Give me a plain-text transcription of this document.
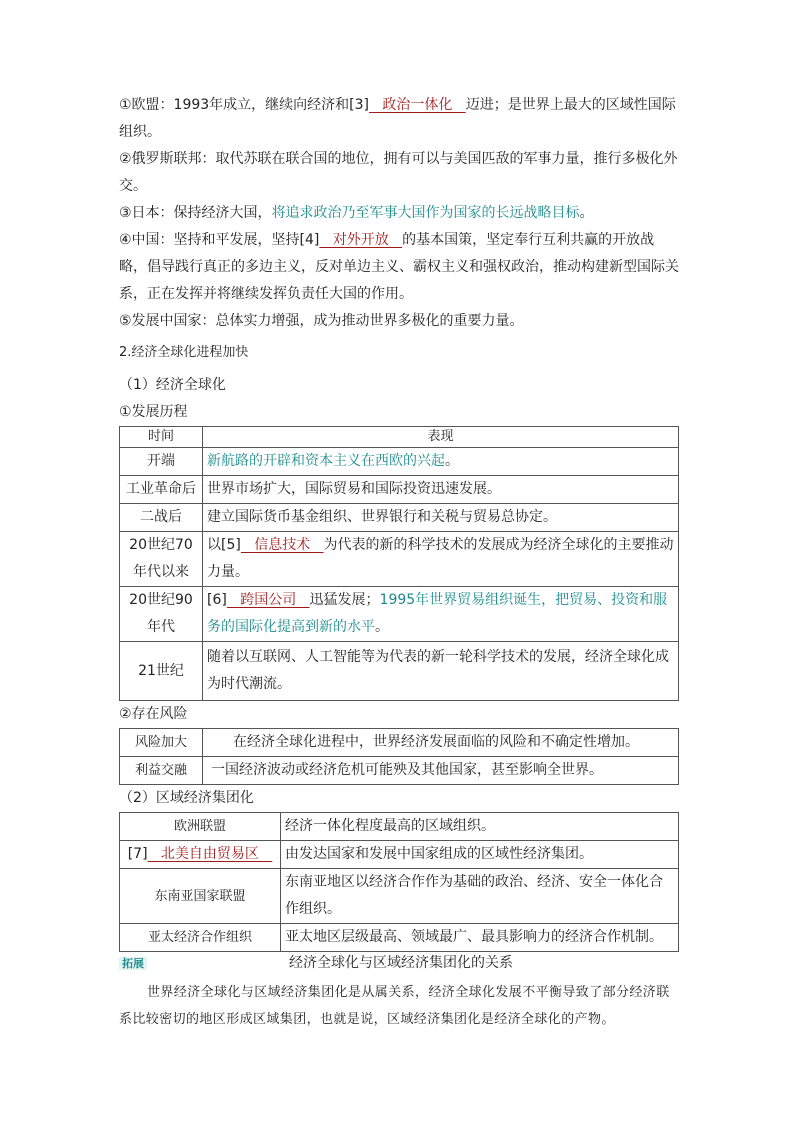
①欧盟：1993年成立，继续向经济和[3]   政治一体化   迈进；是世界上最大的区域性国际组织。

②俄罗斯联邦：取代苏联在联合国的地位，拥有可以与美国匹敌的军事力量，推行多极化外交。

③日本：保持经济大国，将追求政治乃至军事大国作为国家的长远战略目标。

④中国：坚持和平发展，坚持[4]   对外开放   的基本国策，坚定奉行互利共赢的开放战略，倡导践行真正的多边主义，反对单边主义、霸权主义和强权政治，推动构建新型国际关系，正在发挥并将继续发挥负责任大国的作用。

⑤发展中国家：总体实力增强，成为推动世界多极化的重要力量。

2.经济全球化进程加快

（1）经济全球化

①发展历程

时间	表现
开端	新航路的开辟和资本主义在西欧的兴起。
工业革命后	世界市场扩大，国际贸易和国际投资迅速发展。
二战后	建立国际货币基金组织、世界银行和关税与贸易总协定。
20世纪70年代以来	以[5]   信息技术   为代表的新的科学技术的发展成为经济全球化的主要推动力量。
20世纪90年代	[6]   跨国公司   迅猛发展；1995年世界贸易组织诞生，把贸易、投资和服务的国际化提高到新的水平。
21世纪	随着以互联网、人工智能等为代表的新一轮科学技术的发展，经济全球化成为时代潮流。

②存在风险

风险加大	在经济全球化进程中，世界经济发展面临的风险和不确定性增加。
利益交融	一国经济波动或经济危机可能殃及其他国家，甚至影响全世界。

（2）区域经济集团化

欧洲联盟	经济一体化程度最高的区域组织。
[7]   北美自由贸易区	由发达国家和发展中国家组成的区域性经济集团。
东南亚国家联盟	东南亚地区以经济合作作为基础的政治、经济、安全一体化合作组织。
亚太经济合作组织	亚太地区层级最高、领域最广、最具影响力的经济合作机制。

拓展	经济全球化与区域经济集团化的关系

世界经济全球化与区域经济集团化是从属关系，经济全球化发展不平衡导致了部分经济联系比较密切的地区形成区域集团，也就是说，区域经济集团化是经济全球化的产物。
